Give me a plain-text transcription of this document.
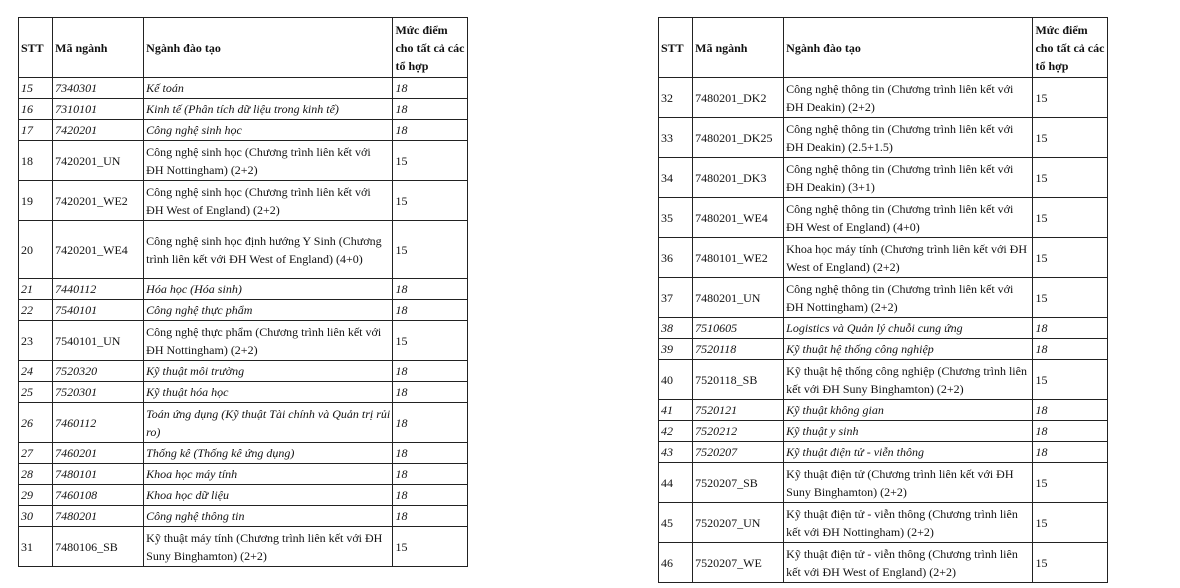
STT	Mã ngành	Ngành đào tạo	Mức điểm cho tất cả các tổ hợp
15	7340301	Kế toán	18
16	7310101	Kinh tế (Phân tích dữ liệu trong kinh tế)	18
17	7420201	Công nghệ sinh học	18
18	7420201_UN	Công nghệ sinh học (Chương trình liên kết với ĐH Nottingham) (2+2)	15
19	7420201_WE2	Công nghệ sinh học (Chương trình liên kết với ĐH West of England) (2+2)	15
20	7420201_WE4	Công nghệ sinh học định hướng Y Sinh (Chương trình liên kết với ĐH West of England) (4+0)	15
21	7440112	Hóa học (Hóa sinh)	18
22	7540101	Công nghệ thực phẩm	18
23	7540101_UN	Công nghệ thực phẩm (Chương trình liên kết với ĐH Nottingham) (2+2)	15
24	7520320	Kỹ thuật môi trường	18
25	7520301	Kỹ thuật hóa học	18
26	7460112	Toán ứng dụng (Kỹ thuật Tài chính và Quản trị rủi ro)	18
27	7460201	Thống kê (Thống kê ứng dụng)	18
28	7480101	Khoa học máy tính	18
29	7460108	Khoa học dữ liệu	18
30	7480201	Công nghệ thông tin	18
31	7480106_SB	Kỹ thuật máy tính (Chương trình liên kết với ĐH Suny Binghamton) (2+2)	15
STT	Mã ngành	Ngành đào tạo	Mức điểm cho tất cả các tổ hợp
32	7480201_DK2	Công nghệ thông tin (Chương trình liên kết với ĐH Deakin) (2+2)	15
33	7480201_DK25	Công nghệ thông tin (Chương trình liên kết với ĐH Deakin) (2.5+1.5)	15
34	7480201_DK3	Công nghệ thông tin (Chương trình liên kết với ĐH Deakin) (3+1)	15
35	7480201_WE4	Công nghệ thông tin (Chương trình liên kết với ĐH West of England) (4+0)	15
36	7480101_WE2	Khoa học máy tính (Chương trình liên kết với ĐH West of England) (2+2)	15
37	7480201_UN	Công nghệ thông tin (Chương trình liên kết với ĐH Nottingham) (2+2)	15
38	7510605	Logistics và Quản lý chuỗi cung ứng	18
39	7520118	Kỹ thuật hệ thống công nghiệp	18
40	7520118_SB	Kỹ thuật hệ thống công nghiệp (Chương trình liên kết với ĐH Suny Binghamton) (2+2)	15
41	7520121	Kỹ thuật không gian	18
42	7520212	Kỹ thuật y sinh	18
43	7520207	Kỹ thuật điện tử - viễn thông	18
44	7520207_SB	Kỹ thuật điện tử (Chương trình liên kết với ĐH Suny Binghamton) (2+2)	15
45	7520207_UN	Kỹ thuật điện tử - viễn thông (Chương trình liên kết với ĐH Nottingham) (2+2)	15
46	7520207_WE	Kỹ thuật điện tử - viễn thông (Chương trình liên kết với ĐH West of England) (2+2)	15
